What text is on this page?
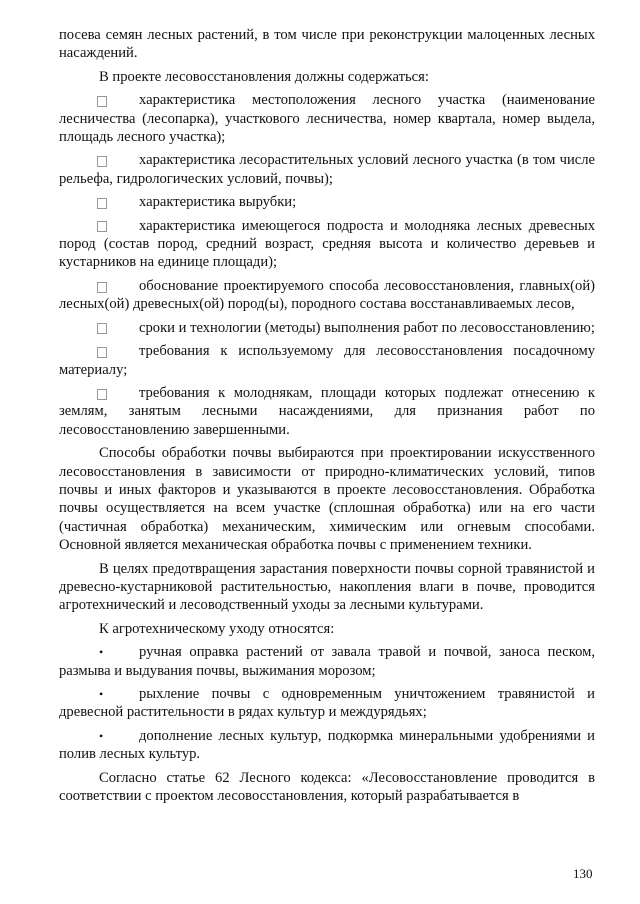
посева семян лесных растений, в том числе при реконструкции малоценных лесных насаждений.

В проекте лесовосстановления должны содержаться:

характеристика местоположения лесного участка (наименование лесничества (лесопарка), участкового лесничества, номер квартала, номер выдела, площадь лесного участка);

характеристика лесорастительных условий лесного участка (в том числе рельефа, гидрологических условий, почвы);

характеристика вырубки;

характеристика имеющегося подроста и молодняка лесных древесных пород (состав пород, средний возраст, средняя высота и количество деревьев и кустарников на единице площади);

обоснование проектируемого способа лесовосстановления, главных(ой) лесных(ой) древесных(ой) пород(ы), породного состава восстанавливаемых лесов,

сроки и технологии (методы) выполнения работ по лесовосстановлению;

требования к используемому для лесовосстановления посадочному материалу;

требования к молоднякам, площади которых подлежат отнесению к землям, занятым лесными насаждениями, для признания работ по лесовосстановлению завершенными.

Способы обработки почвы выбираются при проектировании искусственного лесовосстановления в зависимости от природно-климатических условий, типов почвы и иных факторов и указываются в проекте лесовосстановления. Обработка почвы осуществляется на всем участке (сплошная обработка) или на его части (частичная обработка) механическим, химическим или огневым способами. Основной является механическая обработка почвы с применением техники.

В целях предотвращения зарастания поверхности почвы сорной травянистой и древесно-кустарниковой растительностью, накопления влаги в почве, проводится агротехнический и лесоводственный уходы за лесными культурами.

К агротехническому уходу относятся:

• ручная оправка растений от завала травой и почвой, заноса песком, размыва и выдувания почвы, выжимания морозом;

• рыхление почвы с одновременным уничтожением травянистой и древесной растительности в рядах культур и междурядьях;

• дополнение лесных культур, подкормка минеральными удобрениями и полив лесных культур.

Согласно статье 62 Лесного кодекса: «Лесовосстановление проводится в соответствии с проектом лесовосстановления, который разрабатывается в

130
